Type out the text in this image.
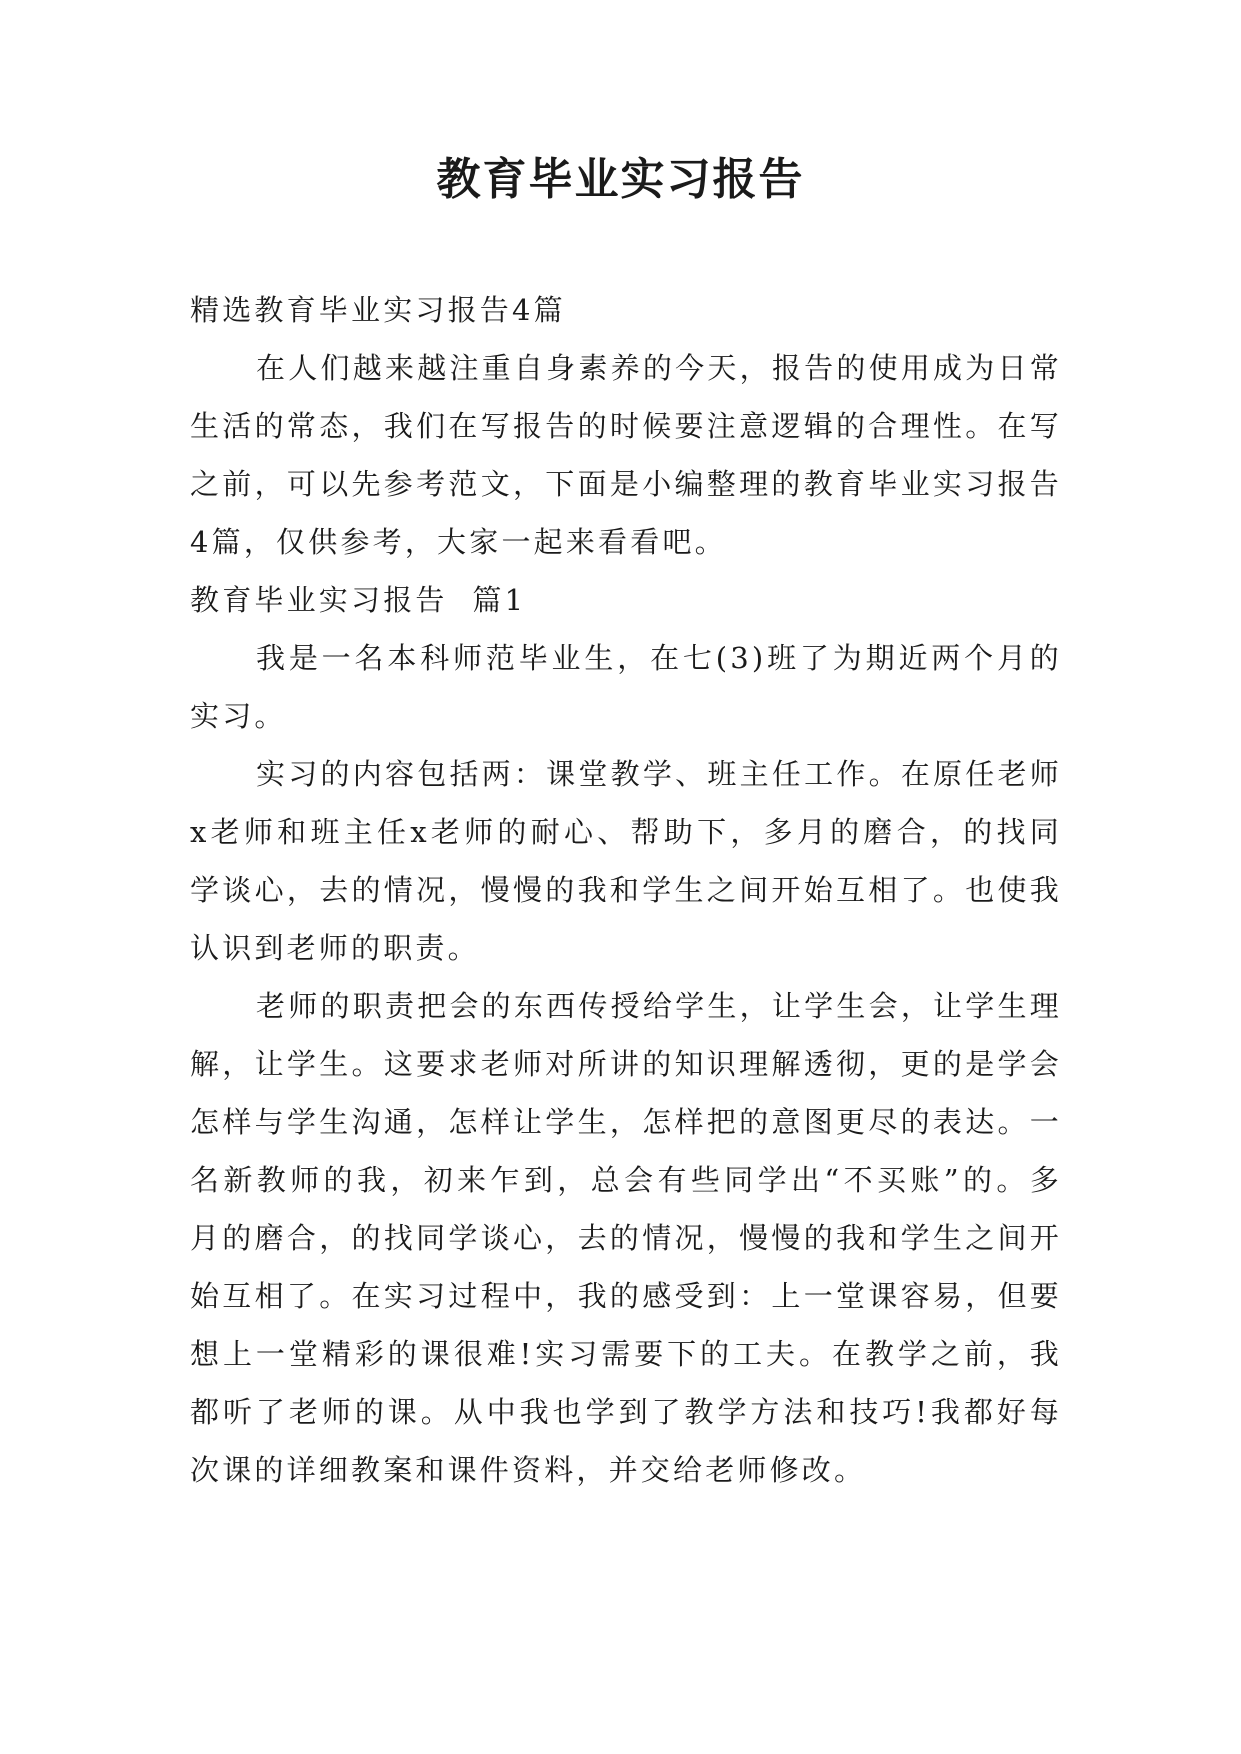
教育毕业实习报告

精选教育毕业实习报告4篇

在人们越来越注重自身素养的今天，报告的使用成为日常生活的常态，我们在写报告的时候要注意逻辑的合理性。在写之前，可以先参考范文，下面是小编整理的教育毕业实习报告4篇，仅供参考，大家一起来看看吧。

教育毕业实习报告  篇1

我是一名本科师范毕业生，在七(3)班了为期近两个月的实习。

实习的内容包括两：课堂教学、班主任工作。在原任老师x老师和班主任x老师的耐心、帮助下，多月的磨合，的找同学谈心，去的情况，慢慢的我和学生之间开始互相了。也使我认识到老师的职责。

老师的职责把会的东西传授给学生，让学生会，让学生理解，让学生。这要求老师对所讲的知识理解透彻，更的是学会怎样与学生沟通，怎样让学生，怎样把的意图更尽的表达。一名新教师的我，初来乍到，总会有些同学出“不买账”的。多月的磨合，的找同学谈心，去的情况，慢慢的我和学生之间开始互相了。在实习过程中，我的感受到：上一堂课容易，但要想上一堂精彩的课很难!实习需要下的工夫。在教学之前，我都听了老师的课。从中我也学到了教学方法和技巧!我都好每次课的详细教案和课件资料，并交给老师修改。
